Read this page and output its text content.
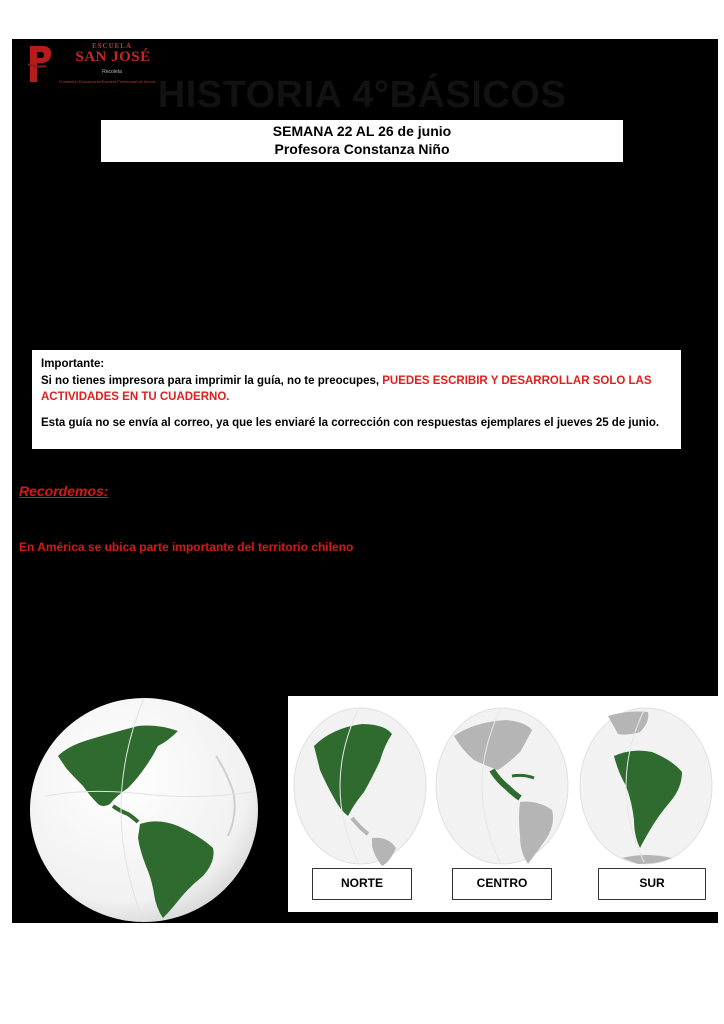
ESCUELA
SAN JOSÉ
Recoleta
Fundación Educacional Escuela Profesional de Ancoa HISTORIA 4°BÁSICOS
SEMANA 22 AL 26 de junio
Profesora Constanza Niño
Importante:
Si no tienes impresora para imprimir la guía, no te preocupes, PUEDES ESCRIBIR Y DESARROLLAR SOLO LAS ACTIVIDADES EN TU CUADERNO.
Esta guía no se envía al correo, ya que les enviaré la corrección con respuestas ejemplares el jueves 25 de junio.
Recordemos:
En América se ubica parte importante del territorio chileno
NORTE	CENTRO	SUR
